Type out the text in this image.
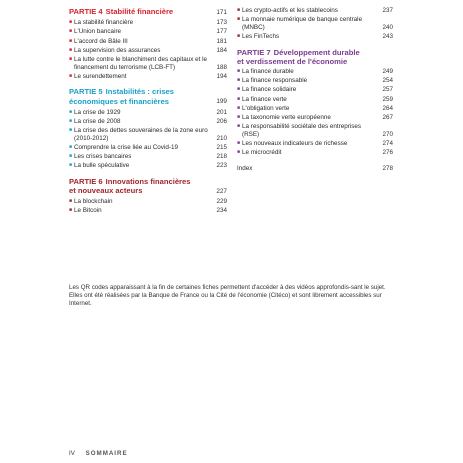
PARTIE 4 Stabilité financière	171
■ La stabilité financière	173
■ L'Union bancaire	177
■ L'accord de Bâle III	181
■ La supervision des assurances	184
■ La lutte contre le blanchiment des capitaux et le financement du terrorisme (LCB-FT)	188
■ Le surendettement	194
PARTIE 5 Instabilités : crises
économiques et financières	199
■ La crise de 1929	201
■ La crise de 2008	206
■ La crise des dettes souveraines de la zone euro (2010-2012)	210
■ Comprendre la crise liée au Covid-19	215
■ Les crises bancaires	218
■ La bulle spéculative	223
PARTIE 6 Innovations financières
et nouveaux acteurs	227
■ La blockchain	229
■ Le Bitcoin	234
■ Les crypto-actifs et les stablecoins	237
■ La monnaie numérique de banque centrale (MNBC)	240
■ Les FinTechs	243
PARTIE 7 Développement durable
et verdissement de l'économie
■ La finance durable	249
■ La finance responsable	254
■ La finance solidaire	257
■ La finance verte	259
■ L'obligation verte	264
■ La taxonomie verte européenne	267
■ La responsabilité sociétale des entreprises (RSE)	270
■ Les nouveaux indicateurs de richesse	274
■ Le microcrédit	276
Index	278

Les QR codes apparaissant à la fin de certaines fiches permettent d'accéder à des vidéos approfondis-sant le sujet. Elles ont été réalisées par la Banque de France ou la Cité de l'économie (Citéco) et sont librement accessibles sur Internet.

IV SOMMAIRE
